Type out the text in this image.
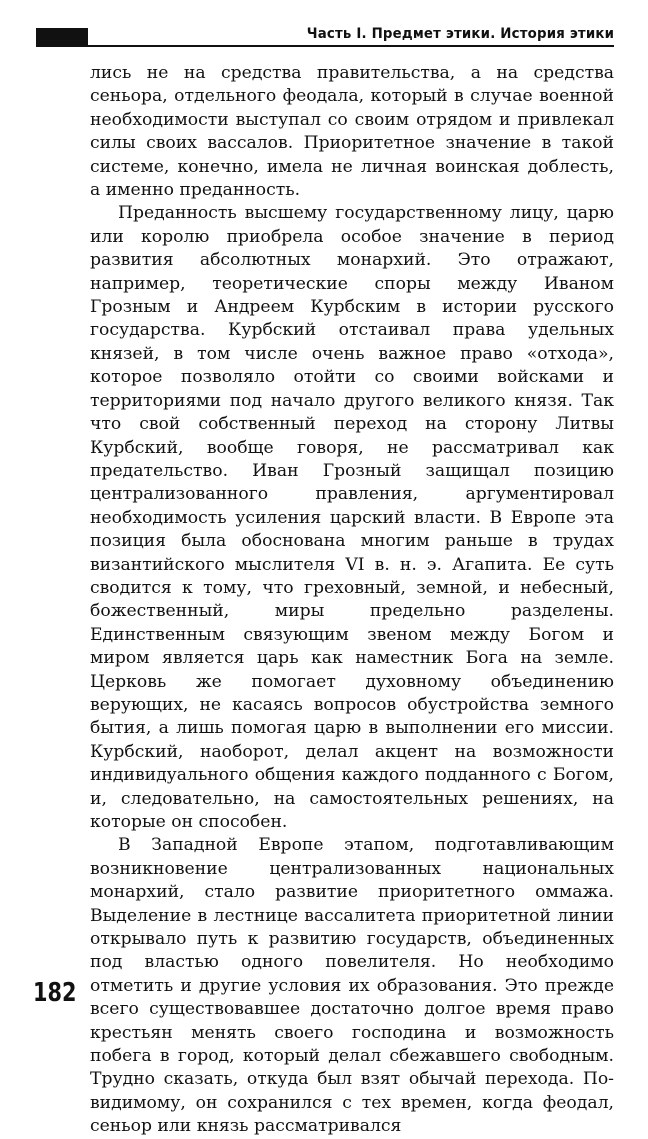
Часть I. Предмет этики. История этики

лись не на средства правительства, а на средства сеньора, отдельного феодала, который в случае военной необходимости выступал со своим отрядом и привлекал силы своих вассалов. Приоритетное значение в такой системе, конечно, имела не личная воинская доблесть, а именно преданность.

Преданность высшему государственному лицу, царю или королю приобрела особое значение в период развития абсолютных монархий. Это отражают, например, теоретические споры между Иваном Грозным и Андреем Курбским в истории русского государства. Курбский отстаивал права удельных князей, в том числе очень важное право «отхода», которое позволяло отойти со своими войсками и территориями под начало другого великого князя. Так что свой собственный переход на сторону Литвы Курбский, вообще говоря, не рассматривал как предательство. Иван Грозный защищал позицию централизованного правления, аргументировал необходимость усиления царский власти. В Европе эта позиция была обоснована многим раньше в трудах византийского мыслителя VI в. н. э. Агапита. Ее суть сводится к тому, что греховный, земной, и небесный, божественный, миры предельно разделены. Единственным связующим звеном между Богом и миром является царь как наместник Бога на земле. Церковь же помогает духовному объединению верующих, не касаясь вопросов обустройства земного бытия, а лишь помогая царю в выполнении его миссии. Курбский, наоборот, делал акцент на возможности индивидуального общения каждого подданного с Богом, и, следовательно, на самостоятельных решениях, на которые он способен.

В Западной Европе этапом, подготавливающим возникновение централизованных национальных монархий, стало развитие приоритетного оммажа. Выделение в лестнице вассалитета приоритетной линии открывало путь к развитию государств, объединенных под властью одного повелителя. Но необходимо отметить и другие условия их образования. Это прежде всего существовавшее достаточно долгое время право крестьян менять своего господина и возможность побега в город, который делал сбежавшего свободным. Трудно сказать, откуда был взят обычай перехода. По-видимому, он сохранился с тех времен, когда феодал, сеньор или князь рассматривался

182
